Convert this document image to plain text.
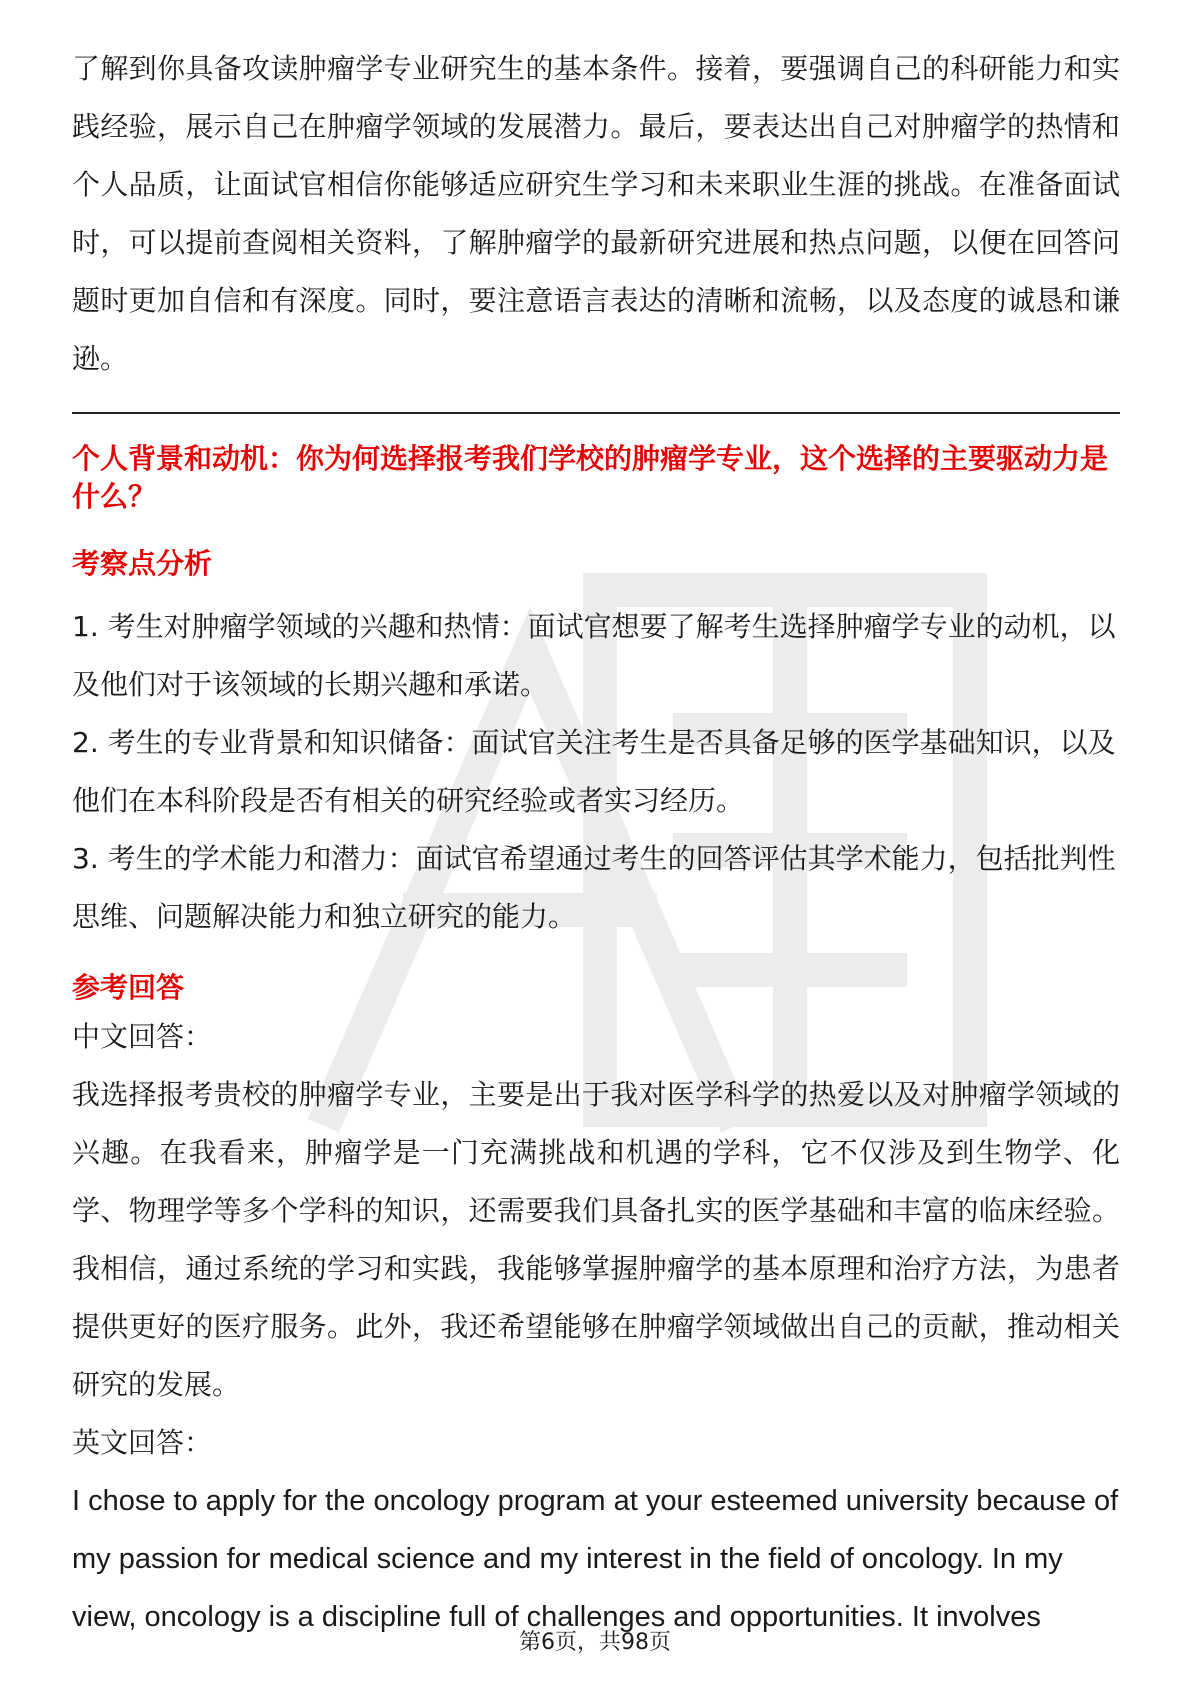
了解到你具备攻读肿瘤学专业研究生的基本条件。接着，要强调自己的科研能力和实践经验，展示自己在肿瘤学领域的发展潜力。最后，要表达出自己对肿瘤学的热情和个人品质，让面试官相信你能够适应研究生学习和未来职业生涯的挑战。在准备面试时，可以提前查阅相关资料，了解肿瘤学的最新研究进展和热点问题，以便在回答问题时更加自信和有深度。同时，要注意语言表达的清晰和流畅，以及态度的诚恳和谦逊。

个人背景和动机：你为何选择报考我们学校的肿瘤学专业，这个选择的主要驱动力是什么？

考察点分析

1. 考生对肿瘤学领域的兴趣和热情：面试官想要了解考生选择肿瘤学专业的动机，以及他们对于该领域的长期兴趣和承诺。
2. 考生的专业背景和知识储备：面试官关注考生是否具备足够的医学基础知识，以及他们在本科阶段是否有相关的研究经验或者实习经历。
3. 考生的学术能力和潜力：面试官希望通过考生的回答评估其学术能力，包括批判性思维、问题解决能力和独立研究的能力。

参考回答

中文回答：

我选择报考贵校的肿瘤学专业，主要是出于我对医学科学的热爱以及对肿瘤学领域的兴趣。在我看来，肿瘤学是一门充满挑战和机遇的学科，它不仅涉及到生物学、化学、物理学等多个学科的知识，还需要我们具备扎实的医学基础和丰富的临床经验。我相信，通过系统的学习和实践，我能够掌握肿瘤学的基本原理和治疗方法，为患者提供更好的医疗服务。此外，我还希望能够在肿瘤学领域做出自己的贡献，推动相关研究的发展。

英文回答：

I chose to apply for the oncology program at your esteemed university because of my passion for medical science and my interest in the field of oncology. In my view, oncology is a discipline full of challenges and opportunities. It involves

第6页，共98页
